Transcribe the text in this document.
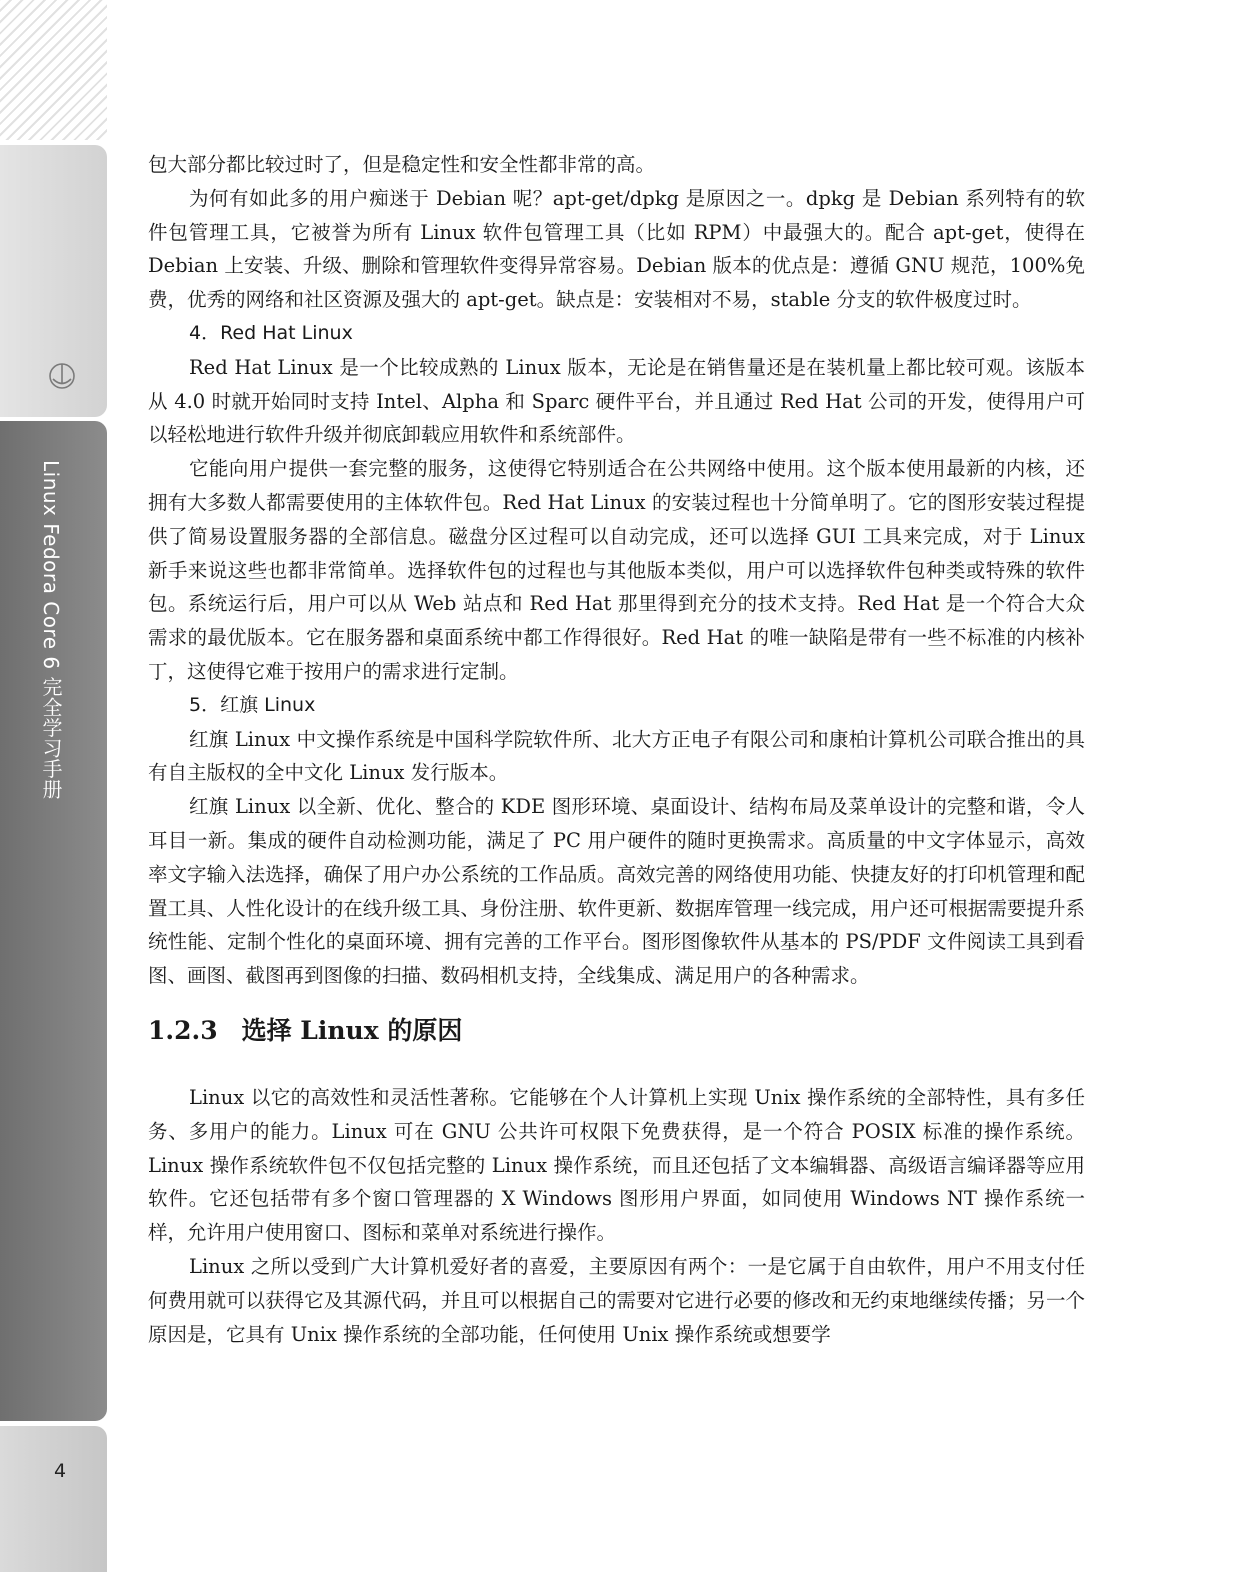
Linux Fedora Core 6 完全学习手册
4

包大部分都比较过时了，但是稳定性和安全性都非常的高。

为何有如此多的用户痴迷于 Debian 呢？apt-get/dpkg 是原因之一。dpkg 是 Debian 系列特有的软件包管理工具，它被誉为所有 Linux 软件包管理工具（比如 RPM）中最强大的。配合 apt-get，使得在 Debian 上安装、升级、删除和管理软件变得异常容易。Debian 版本的优点是：遵循 GNU 规范，100%免费，优秀的网络和社区资源及强大的 apt-get。缺点是：安装相对不易，stable 分支的软件极度过时。

4．Red Hat Linux

Red Hat Linux 是一个比较成熟的 Linux 版本，无论是在销售量还是在装机量上都比较可观。该版本从 4.0 时就开始同时支持 Intel、Alpha 和 Sparc 硬件平台，并且通过 Red Hat 公司的开发，使得用户可以轻松地进行软件升级并彻底卸载应用软件和系统部件。

它能向用户提供一套完整的服务，这使得它特别适合在公共网络中使用。这个版本使用最新的内核，还拥有大多数人都需要使用的主体软件包。Red Hat Linux 的安装过程也十分简单明了。它的图形安装过程提供了简易设置服务器的全部信息。磁盘分区过程可以自动完成，还可以选择 GUI 工具来完成，对于 Linux 新手来说这些也都非常简单。选择软件包的过程也与其他版本类似，用户可以选择软件包种类或特殊的软件包。系统运行后，用户可以从 Web 站点和 Red Hat 那里得到充分的技术支持。Red Hat 是一个符合大众需求的最优版本。它在服务器和桌面系统中都工作得很好。Red Hat 的唯一缺陷是带有一些不标准的内核补丁，这使得它难于按用户的需求进行定制。

5．红旗 Linux

红旗 Linux 中文操作系统是中国科学院软件所、北大方正电子有限公司和康柏计算机公司联合推出的具有自主版权的全中文化 Linux 发行版本。

红旗 Linux 以全新、优化、整合的 KDE 图形环境、桌面设计、结构布局及菜单设计的完整和谐，令人耳目一新。集成的硬件自动检测功能，满足了 PC 用户硬件的随时更换需求。高质量的中文字体显示，高效率文字输入法选择，确保了用户办公系统的工作品质。高效完善的网络使用功能、快捷友好的打印机管理和配置工具、人性化设计的在线升级工具、身份注册、软件更新、数据库管理一线完成，用户还可根据需要提升系统性能、定制个性化的桌面环境、拥有完善的工作平台。图形图像软件从基本的 PS/PDF 文件阅读工具到看图、画图、截图再到图像的扫描、数码相机支持，全线集成、满足用户的各种需求。

1.2.3 选择 Linux 的原因

Linux 以它的高效性和灵活性著称。它能够在个人计算机上实现 Unix 操作系统的全部特性，具有多任务、多用户的能力。Linux 可在 GNU 公共许可权限下免费获得，是一个符合 POSIX 标准的操作系统。Linux 操作系统软件包不仅包括完整的 Linux 操作系统，而且还包括了文本编辑器、高级语言编译器等应用软件。它还包括带有多个窗口管理器的 X Windows 图形用户界面，如同使用 Windows NT 操作系统一样，允许用户使用窗口、图标和菜单对系统进行操作。

Linux 之所以受到广大计算机爱好者的喜爱，主要原因有两个：一是它属于自由软件，用户不用支付任何费用就可以获得它及其源代码，并且可以根据自己的需要对它进行必要的修改和无约束地继续传播；另一个原因是，它具有 Unix 操作系统的全部功能，任何使用 Unix 操作系统或想要学
